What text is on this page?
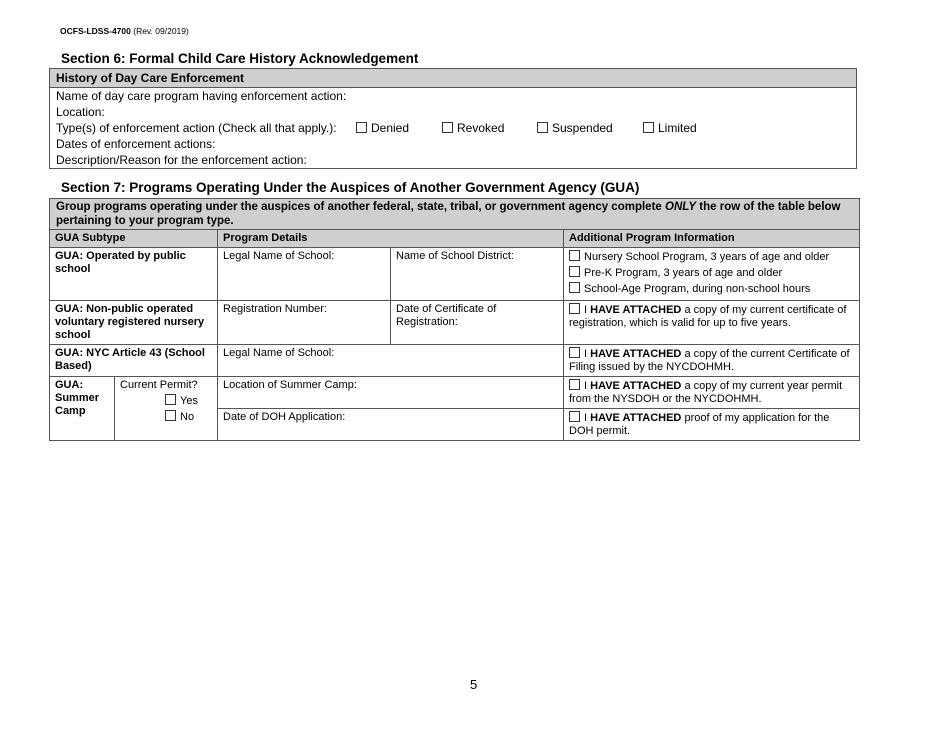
OCFS-LDSS-4700 (Rev. 09/2019)
Section 6: Formal Child Care History Acknowledgement
History of Day Care Enforcement
Name of day care program having enforcement action:
Location:
Type(s) of enforcement action (Check all that apply.):	Denied	Revoked	Suspended	Limited
Dates of enforcement actions:
Description/Reason for the enforcement action:
Section 7: Programs Operating Under the Auspices of Another Government Agency (GUA)
Group programs operating under the auspices of another federal, state, tribal, or government agency complete ONLY the row of the table below pertaining to your program type.				
GUA Subtype		Program Details		Additional Program Information
GUA: Operated by public school		Legal Name of School:	Name of School District:	Nursery School Program, 3 years of age and older
Pre-K Program, 3 years of age and older
School-Age Program, during non-school hours

GUA: Non-public operated voluntary registered nursery school		Registration Number:	Date of Certificate of Registration:	I HAVE ATTACHED a copy of my current certificate of registration, which is valid for up to five years.
GUA: NYC Article 43 (School Based)		Legal Name of School:		I HAVE ATTACHED a copy of the current Certificate of Filing issued by the NYCDOHMH.
GUA: Summer Camp	Current Permit?
Yes
No	Location of Summer Camp:		I HAVE ATTACHED a copy of my current year permit from the NYSDOH or the NYCDOHMH.
		Date of DOH Application:		I HAVE ATTACHED proof of my application for the DOH permit.
5
